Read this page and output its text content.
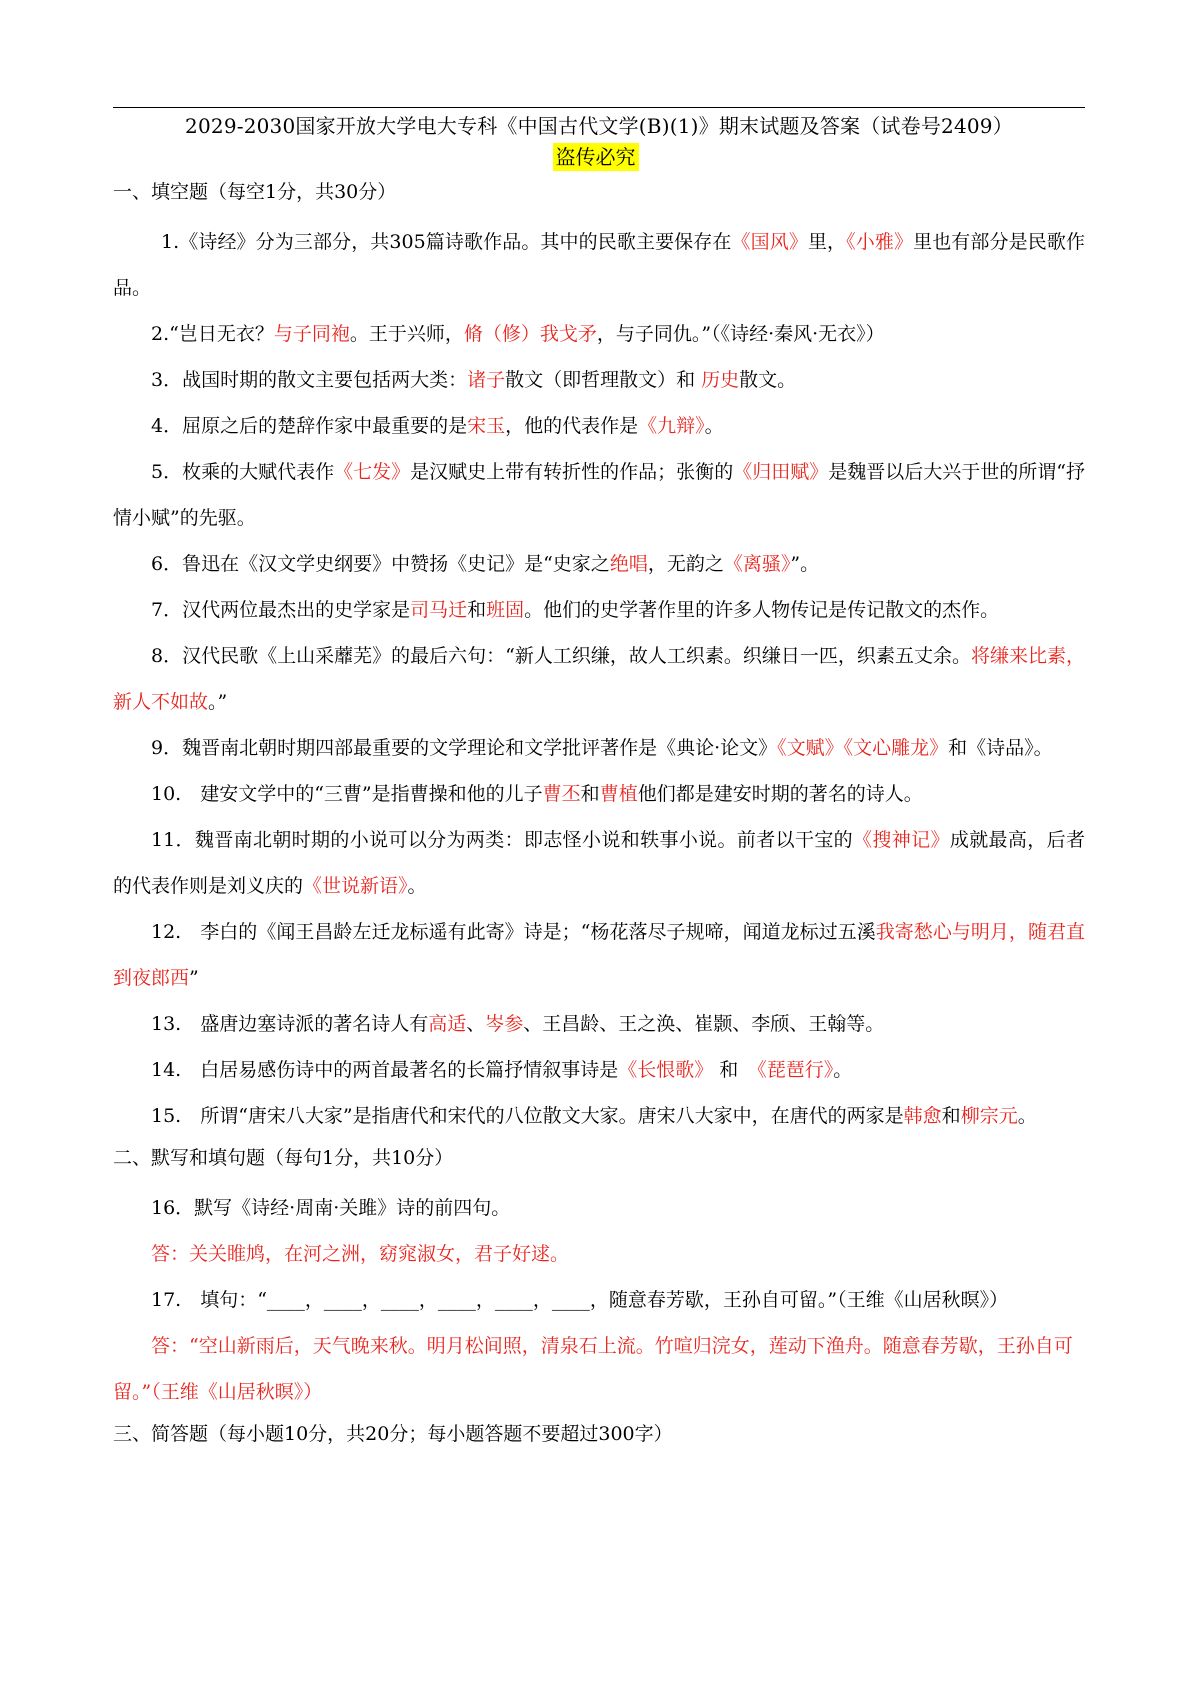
2029-2030国家开放大学电大专科《中国古代文学(B)(1)》期末试题及答案（试卷号2409）
盗传必究
一、填空题（每空1分，共30分）

1.《诗经》分为三部分，共305篇诗歌作品。其中的民歌主要保存在《国风》里，《小雅》里也有部分是民歌作品。

2.“岂日无衣？与子同袍。王于兴师，脩（修）我戈矛，与子同仇。”（《诗经·秦风·无衣》）

3．战国时期的散文主要包括两大类：诸子散文（即哲理散文）和 历史散文。

4．屈原之后的楚辞作家中最重要的是宋玉，他的代表作是《九辩》。

5．枚乘的大赋代表作《七发》是汉赋史上带有转折性的作品；张衡的《归田赋》是魏晋以后大兴于世的所谓“抒情小赋”的先驱。

6．鲁迅在《汉文学史纲要》中赞扬《史记》是“史家之绝唱，无韵之《离骚》”。

7．汉代两位最杰出的史学家是司马迁和班固。他们的史学著作里的许多人物传记是传记散文的杰作。

8．汉代民歌《上山采蘼芜》的最后六句：“新人工织缣，故人工织素。织缣日一匹，织素五丈余。将缣来比素，新人不如故。”

9．魏晋南北朝时期四部最重要的文学理论和文学批评著作是《典论·论文》《文赋》《文心雕龙》和《诗品》。

10.　建安文学中的“三曹”是指曹操和他的儿子曹丕和曹植他们都是建安时期的著名的诗人。

11．魏晋南北朝时期的小说可以分为两类：即志怪小说和轶事小说。前者以干宝的《搜神记》成就最高，后者的代表作则是刘义庆的《世说新语》。

12.　李白的《闻王昌龄左迁龙标遥有此寄》诗是；“杨花落尽子规啼，闻道龙标过五溪我寄愁心与明月，随君直到夜郎西”

13.　盛唐边塞诗派的著名诗人有高适、岑参、王昌龄、王之涣、崔颢、李颀、王翰等。

14.　白居易感伤诗中的两首最著名的长篇抒情叙事诗是《长恨歌》 和　《琵琶行》。

15.　所谓“唐宋八大家”是指唐代和宋代的八位散文大家。唐宋八大家中，在唐代的两家是韩愈和柳宗元。

二、默写和填句题（每句1分，共10分）

16．默写《诗经·周南·关雎》诗的前四句。

答：关关睢鸠，在河之洲，窈窕淑女，君子好逑。

17.　填句：“____，____，____，____，____，____，随意春芳歇，王孙自可留。”（王维《山居秋暝》）

答：“空山新雨后，天气晚来秋。明月松间照，清泉石上流。竹喧归浣女，莲动下渔舟。随意春芳歇，王孙自可留。”（王维《山居秋暝》）

三、简答题（每小题10分，共20分；每小题答题不要超过300字）
